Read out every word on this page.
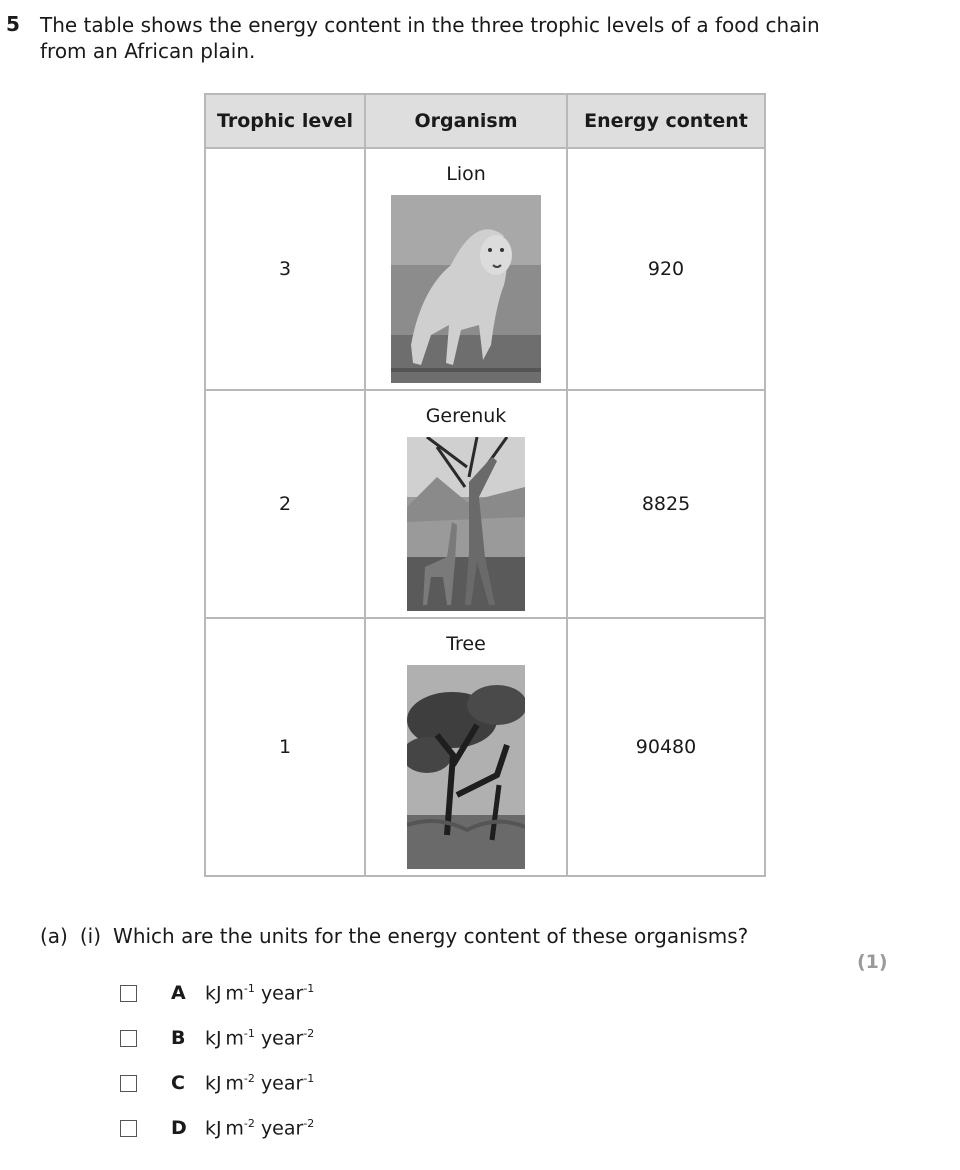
5 The table shows the energy content in the three trophic levels of a food chain from an African plain.
Trophic level	Organism	Energy content
3	Lion	920
2	Gerenuk	8825
1	Tree	90480
(a) (i) Which are the units for the energy content of these organisms?
(1)
A	kJ  $m^{-1}$ year$^{-1}$
B	kJ  $m^{-1}$ year$^{-2}$
C	kJ  $m^{-2}$ year$^{-1}$
D kJ  $m^{-2}$ year$^{-2}$
